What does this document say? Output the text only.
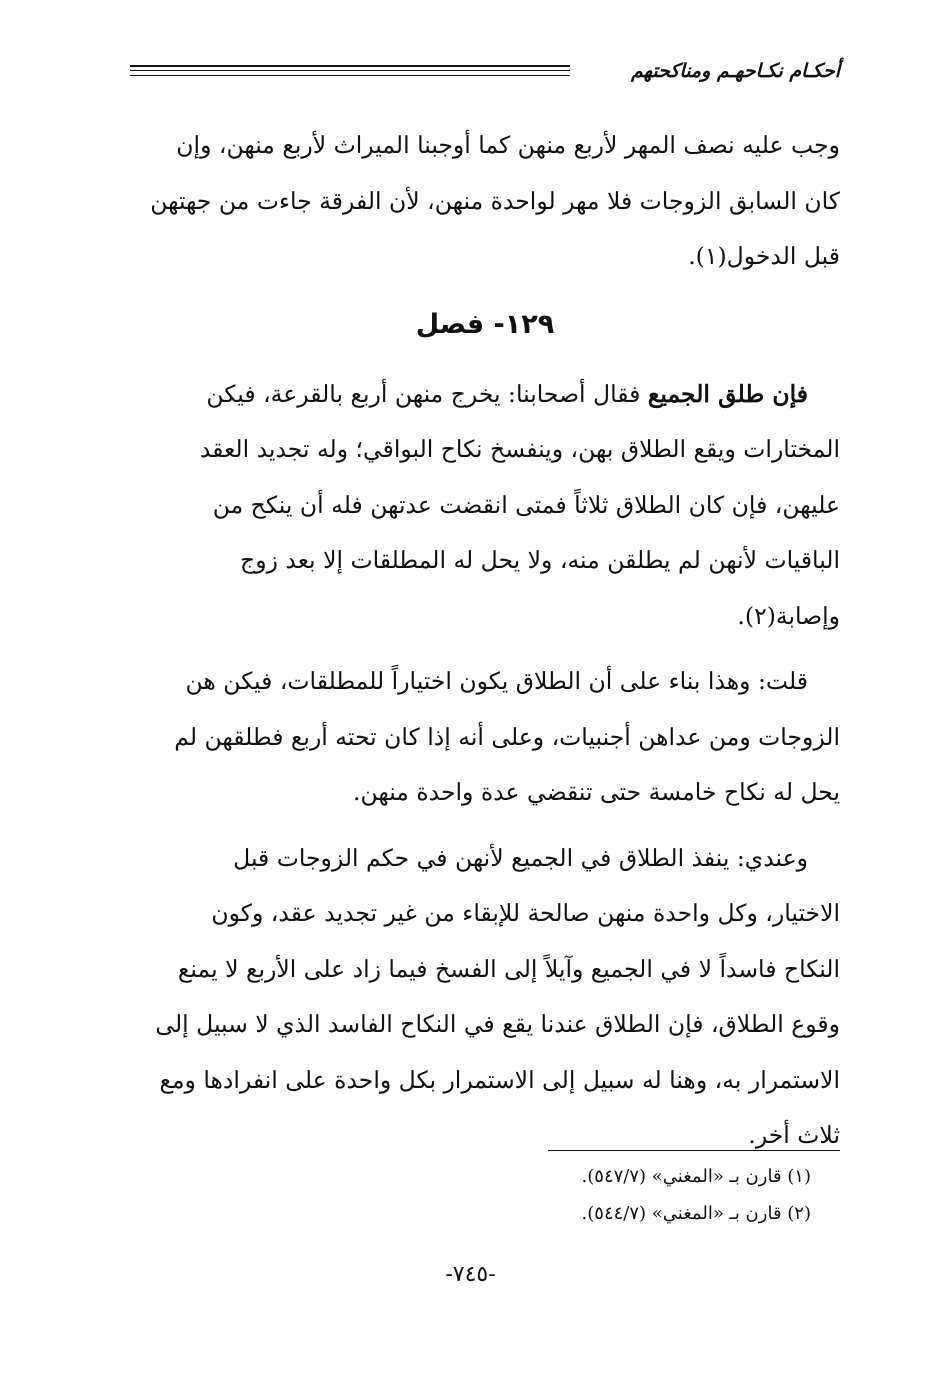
أحكـام نكـاحهـم ومناكحتهم

وجب عليه نصف المهر لأربع منهن كما أوجبنا الميراث لأربع منهن، وإن
كان السابق الزوجات فلا مهر لواحدة منهن، لأن الفرقة جاءت من جهتهن
قبل الدخول(١).

١٢٩- فصل

فإن طلق الجميع فقال أصحابنا: يخرج منهن أربع بالقرعة، فيكن
المختارات ويقع الطلاق بهن، وينفسخ نكاح البواقي؛ وله تجديد العقد
عليهن، فإن كان الطلاق ثلاثاً فمتى انقضت عدتهن فله أن ينكح من
الباقيات لأنهن لم يطلقن منه، ولا يحل له المطلقات إلا بعد زوج
وإصابة(٢).

قلت: وهذا بناء على أن الطلاق يكون اختياراً للمطلقات، فيكن هن
الزوجات ومن عداهن أجنبيات، وعلى أنه إذا كان تحته أربع فطلقهن لم
يحل له نكاح خامسة حتى تنقضي عدة واحدة منهن.

وعندي: ينفذ الطلاق في الجميع لأنهن في حكم الزوجات قبل
الاختيار، وكل واحدة منهن صالحة للإبقاء من غير تجديد عقد، وكون
النكاح فاسداً لا في الجميع وآيلاً إلى الفسخ فيما زاد على الأربع لا يمنع
وقوع الطلاق، فإن الطلاق عندنا يقع في النكاح الفاسد الذي لا سبيل إلى
الاستمرار به، وهنا له سبيل إلى الاستمرار بكل واحدة على انفرادها ومع
ثلاث أخر.

(١) قارن بـ «المغني» (٥٤٧/٧).
(٢) قارن بـ «المغني» (٥٤٤/٧).
-٧٤٥-
